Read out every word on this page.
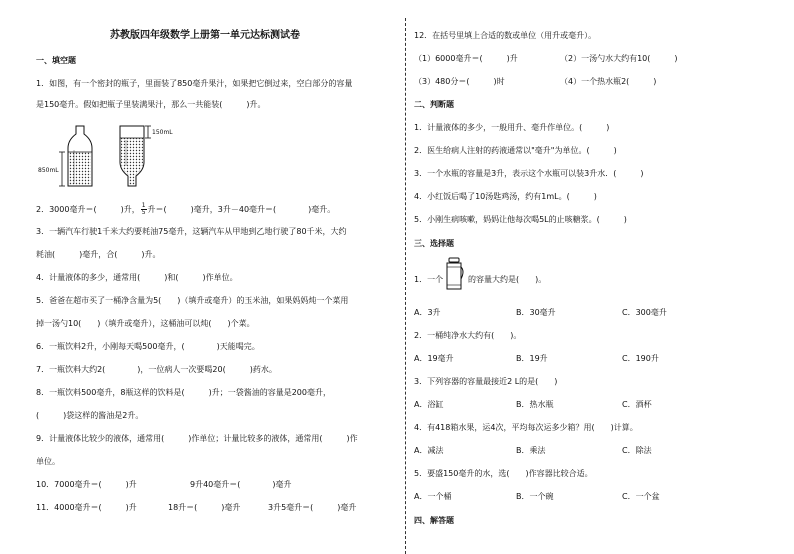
苏教版四年级数学上册第一单元达标测试卷
一、填空题
1．如图，有一个密封的瓶子，里面装了850毫升果汁，如果把它倒过来，空白部分的容量
是150毫升。假如把瓶子里装满果汁，那么一共能装(　　　)升。
850mL
150mL
2．3000毫升＝(　　　)升， $\frac{1}{5}$ 升＝(　　　)毫升，3升－40毫升＝(　　　　)毫升。
3．一辆汽车行驶1千米大约要耗油75毫升，这辆汽车从甲地到乙地行驶了80千米，大约
耗油(　　　)毫升，合(　　　)升。
4．计量液体的多少，通常用(　　　)和(　　　)作单位。
5．爸爸在超市买了一桶净含量为5(　　)（填升或毫升）的玉米油，如果妈妈炖一个菜用
掉一汤勺10(　　)（填升或毫升），这桶油可以炖(　　)个菜。
6．一瓶饮料2升，小刚每天喝500毫升，(　　　　)天能喝完。
7．一瓶饮料大约2(　　　　)，一位病人一次要喝20(　　　)药水。
8．一瓶饮料500毫升，8瓶这样的饮料是(　　　)升；一袋酱油的容量是200毫升，
(　　　)袋这样的酱油是2升。
9．计量液体比较少的液体，通常用(　　　)作单位；计量比较多的液体，通常用(　　　)作
单位。
10．7000毫升＝(　　　)升	9升40毫升＝(　　　　)毫升
11．4000毫升＝(　　　)升	18升＝(　　　)毫升	3升5毫升＝(　　　)毫升
12．在括号里填上合适的数或单位（用升或毫升）。
（1）6000毫升＝(　　　)升	（2）一汤勺水大约有10(　　　)
（3）480分＝(　　　)时	（4）一个热水瓶2(　　　)
二、判断题
1．计量液体的多少，一般用升、毫升作单位。(　　　)
2．医生给病人注射的药液通常以"毫升"为单位。(　　　)
3．一个水瓶的容量是3升，表示这个水瓶可以装3升水．(　　　)
4．小红饭后喝了10汤匙鸡汤，约有1mL。(　　　)
5．小刚生病咳嗽，妈妈让他每次喝5L的止咳糖浆。(　　　)
三、选择题
1．一个	的容量大约是(　　)。
A．3升	B．30毫升	C．300毫升
2．一桶纯净水大约有(　　)。
A．19毫升	B．19升	C．190升
3．下列容器的容量最接近2 L的是(　　)
A．浴缸	B．热水瓶	C．酒杯
4．有418箱水果，运4次，平均每次运多少箱？用(　　)计算。
A．减法	B．乘法	C．除法
5．要盛150毫升的水，选(　　)作容器比较合适。
A．一个桶	B．一个碗	C．一个盆
四、解答题
